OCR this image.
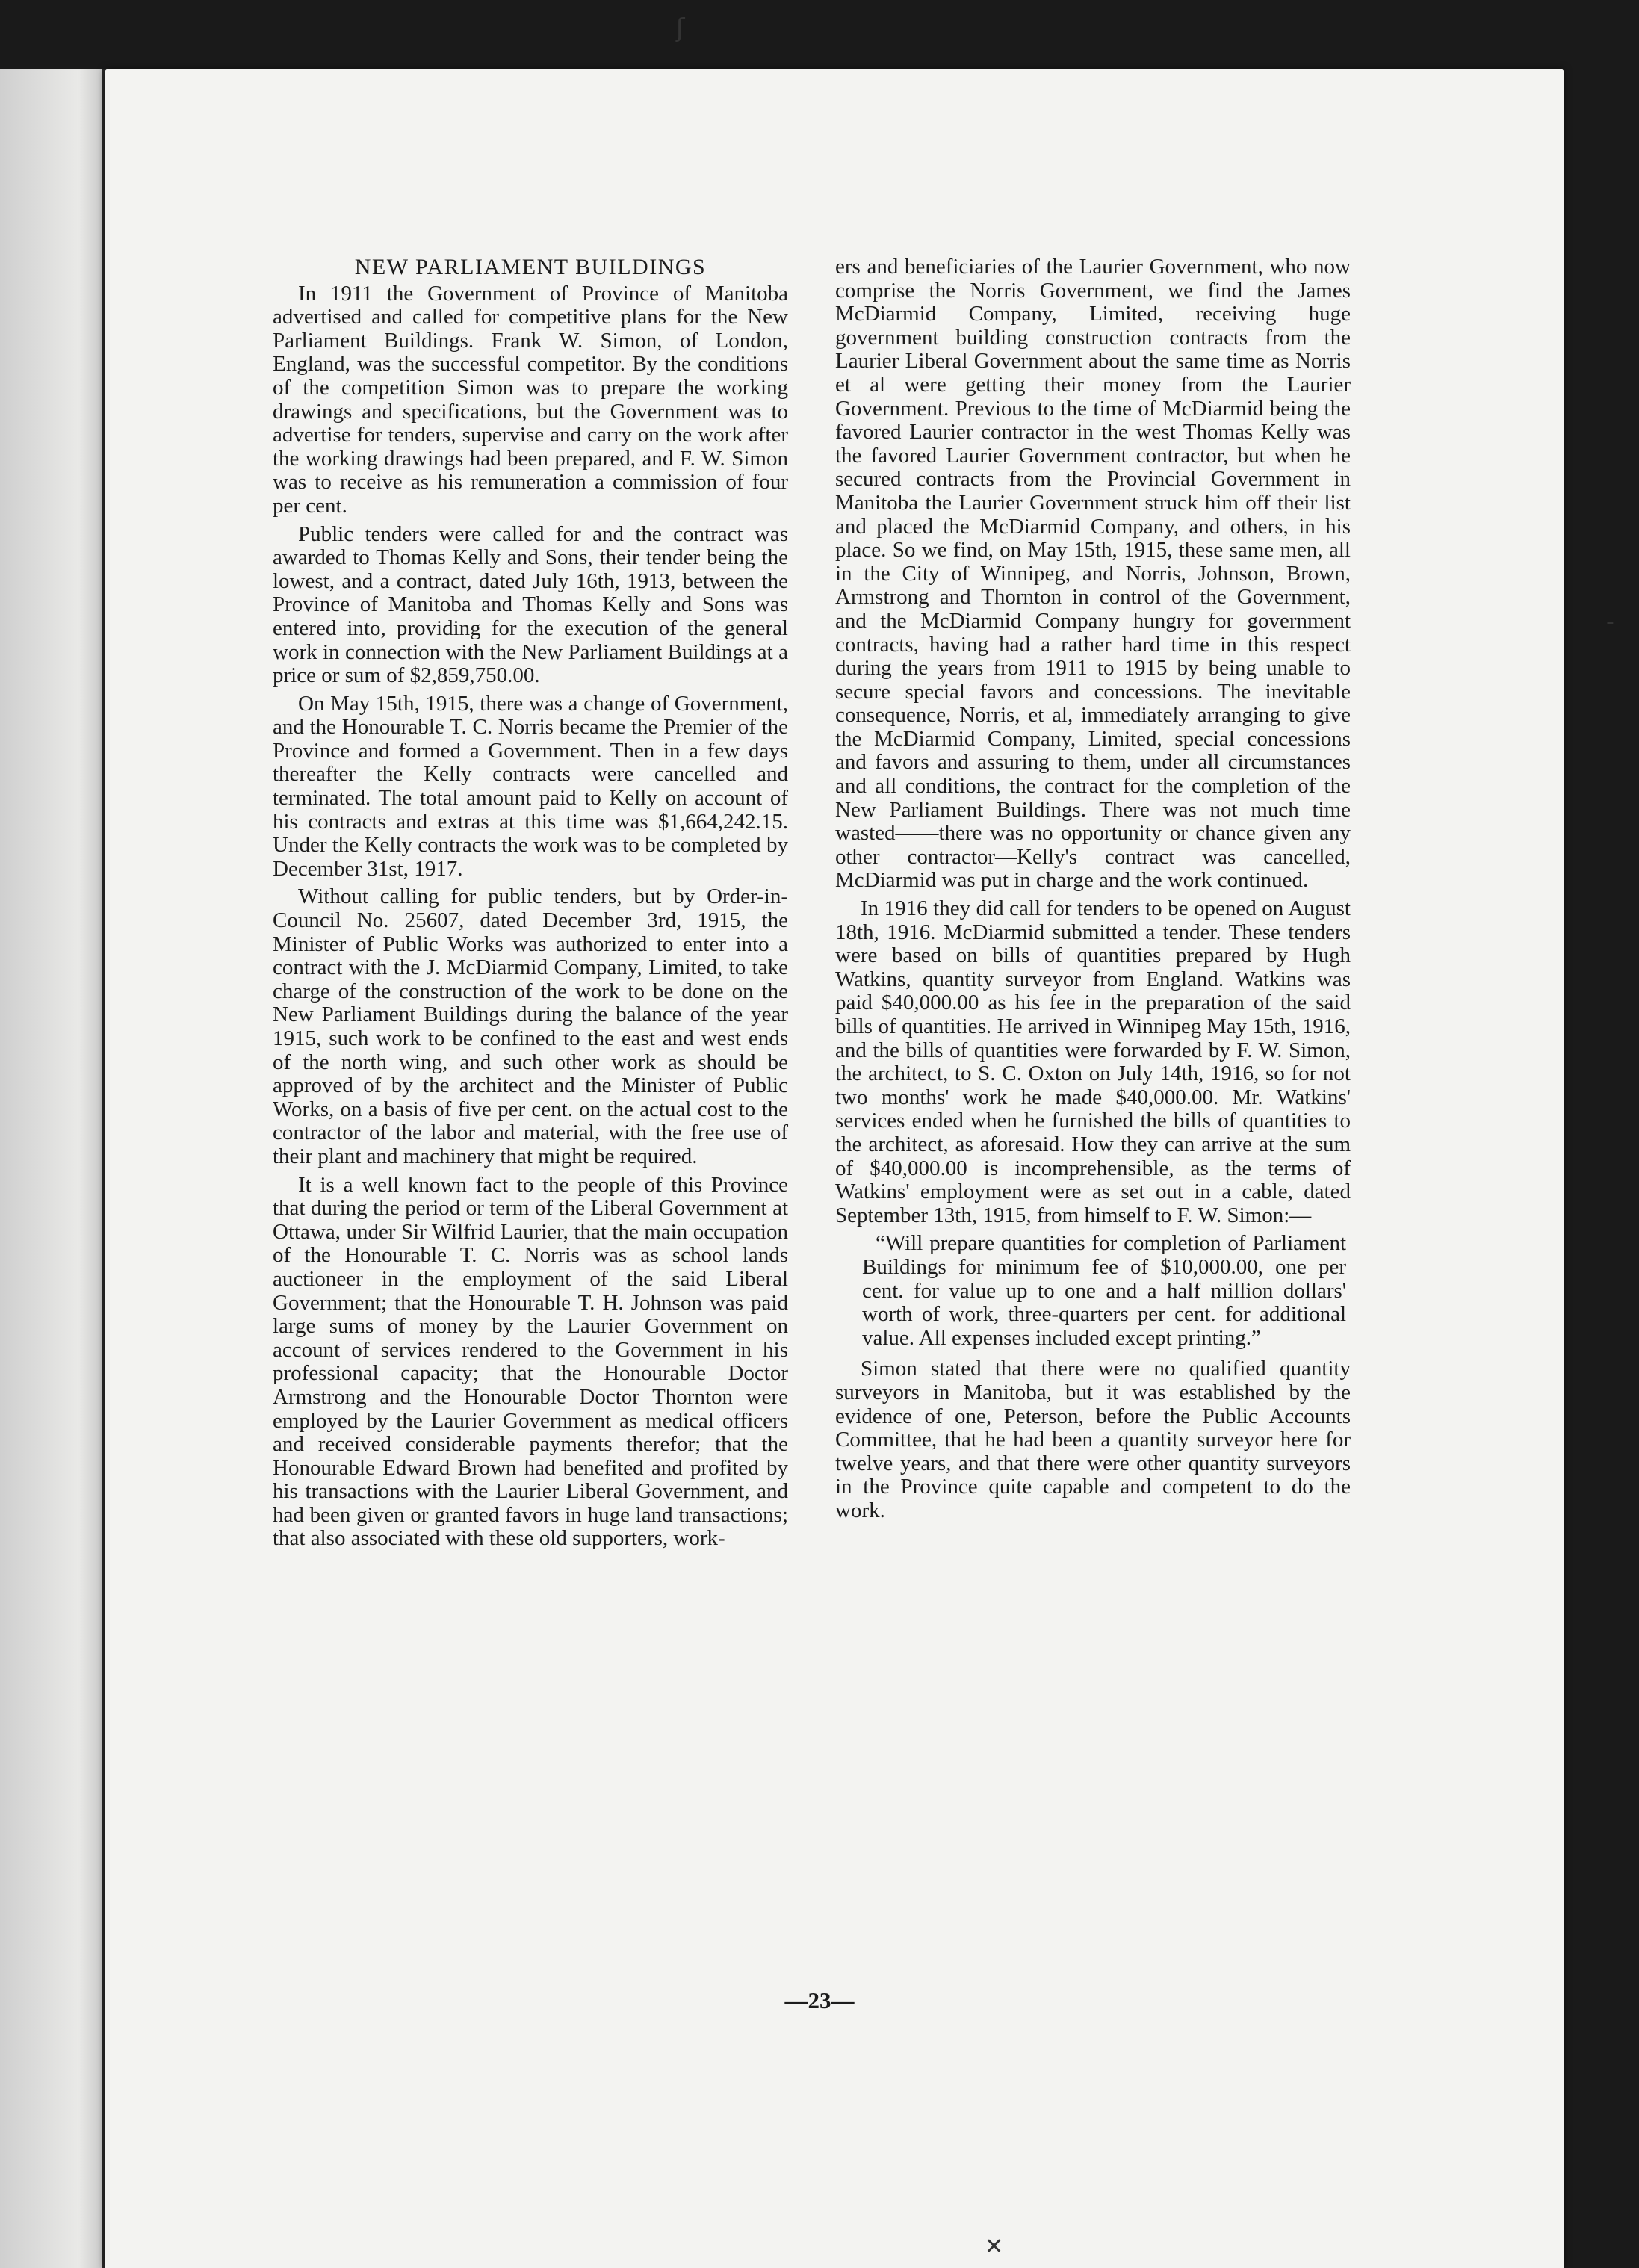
ʃ
-
✕
NEW PARLIAMENT BUILDINGS

In 1911 the Government of Province of Manitoba advertised and called for competitive plans for the New Parliament Buildings. Frank W. Simon, of London, England, was the successful competitor. By the conditions of the competition Simon was to prepare the working drawings and specifications, but the Government was to advertise for tenders, supervise and carry on the work after the working drawings had been prepared, and F. W. Simon was to receive as his remuneration a commission of four per cent.

Public tenders were called for and the contract was awarded to Thomas Kelly and Sons, their tender being the lowest, and a contract, dated July 16th, 1913, between the Province of Manitoba and Thomas Kelly and Sons was entered into, providing for the execution of the general work in connection with the New Parliament Buildings at a price or sum of $2,859,750.00.

On May 15th, 1915, there was a change of Government, and the Honourable T. C. Norris became the Premier of the Province and formed a Government. Then in a few days thereafter the Kelly contracts were cancelled and terminated. The total amount paid to Kelly on account of his contracts and extras at this time was $1,664,242.15. Under the Kelly contracts the work was to be completed by December 31st, 1917.

Without calling for public tenders, but by Order-in-Council No. 25607, dated December 3rd, 1915, the Minister of Public Works was authorized to enter into a contract with the J. McDiarmid Company, Limited, to take charge of the construction of the work to be done on the New Parliament Buildings during the balance of the year 1915, such work to be confined to the east and west ends of the north wing, and such other work as should be approved of by the architect and the Minister of Public Works, on a basis of five per cent. on the actual cost to the contractor of the labor and material, with the free use of their plant and machinery that might be required.

It is a well known fact to the people of this Province that during the period or term of the Liberal Government at Ottawa, under Sir Wilfrid Laurier, that the main occupation of the Honourable T. C. Norris was as school lands auctioneer in the employment of the said Liberal Government; that the Honourable T. H. Johnson was paid large sums of money by the Laurier Government on account of services rendered to the Government in his professional capacity; that the Honourable Doctor Armstrong and the Honourable Doctor Thornton were employed by the Laurier Government as medical officers and received considerable payments therefor; that the Honourable Edward Brown had benefited and profited by his transactions with the Laurier Liberal Government, and had been given or granted favors in huge land transactions; that also associated with these old supporters, work-

ers and beneficiaries of the Laurier Government, who now comprise the Norris Government, we find the James McDiarmid Company, Limited, receiving huge government building construction contracts from the Laurier Liberal Government about the same time as Norris et al were getting their money from the Laurier Government. Previous to the time of McDiarmid being the favored Laurier contractor in the west Thomas Kelly was the favored Laurier Government contractor, but when he secured contracts from the Provincial Government in Manitoba the Laurier Government struck him off their list and placed the McDiarmid Company, and others, in his place. So we find, on May 15th, 1915, these same men, all in the City of Winnipeg, and Norris, Johnson, Brown, Armstrong and Thornton in control of the Government, and the McDiarmid Company hungry for government contracts, having had a rather hard time in this respect during the years from 1911 to 1915 by being unable to secure special favors and concessions. The inevitable consequence, Norris, et al, immediately arranging to give the McDiarmid Company, Limited, special concessions and favors and assuring to them, under all circumstances and all conditions, the contract for the completion of the New Parliament Buildings. There was not much time wasted——there was no opportunity or chance given any other contractor—Kelly's contract was cancelled, McDiarmid was put in charge and the work continued.

In 1916 they did call for tenders to be opened on August 18th, 1916. McDiarmid submitted a tender. These tenders were based on bills of quantities prepared by Hugh Watkins, quantity surveyor from England. Watkins was paid $40,000.00 as his fee in the preparation of the said bills of quantities. He arrived in Winnipeg May 15th, 1916, and the bills of quantities were forwarded by F. W. Simon, the architect, to S. C. Oxton on July 14th, 1916, so for not two months' work he made $40,000.00. Mr. Watkins' services ended when he furnished the bills of quantities to the architect, as aforesaid. How they can arrive at the sum of $40,000.00 is incomprehensible, as the terms of Watkins' employment were as set out in a cable, dated September 13th, 1915, from himself to F. W. Simon:—

“Will prepare quantities for completion of Parliament Buildings for minimum fee of $10,000.00, one per cent. for value up to one and a half million dollars' worth of work, three-quarters per cent. for additional value. All expenses included except printing.”

Simon stated that there were no qualified quantity surveyors in Manitoba, but it was established by the evidence of one, Peterson, before the Public Accounts Committee, that he had been a quantity surveyor here for twelve years, and that there were other quantity surveyors in the Province quite capable and competent to do the work.

—23—
